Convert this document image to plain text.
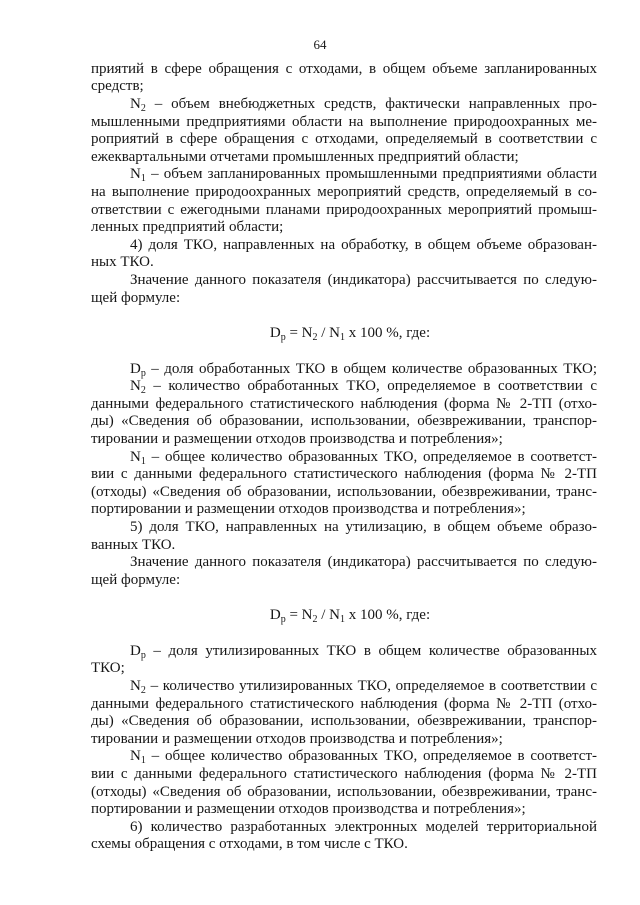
64

приятий в сфере обращения с отходами, в общем объеме запланированных

средств;

$N_2$ – объем внебюджетных средств, фактически направленных про-

мышленными предприятиями области на выполнение природоохранных ме-

роприятий в сфере обращения с отходами, определяемый в соответствии с

ежеквартальными отчетами промышленных предприятий области;

$N_1$ – объем запланированных промышленными предприятиями области

на выполнение природоохранных мероприятий средств, определяемый в со-

ответствии с ежегодными планами природоохранных мероприятий промыш-

ленных предприятий области;

4) доля ТКО, направленных на обработку, в общем объеме образован-

ных ТКО.

Значение данного показателя (индикатора) рассчитывается по следую-

щей формуле:

$D_p = N_2 / N_1$ x 100 %, где:

$D_p$ – доля обработанных ТКО в общем количестве образованных ТКО;

$N_2$ – количество обработанных ТКО, определяемое в соответствии с

данными федерального статистического наблюдения (форма № 2-ТП (отхо-

ды) «Сведения об образовании, использовании, обезвреживании, транспор-

тировании и размещении отходов производства и потребления»;

$N_1$ – общее количество образованных ТКО, определяемое в соответст-

вии с данными федерального статистического наблюдения (форма № 2-ТП

(отходы) «Сведения об образовании, использовании, обезвреживании, транс-

портировании и размещении отходов производства и потребления»;

5) доля ТКО, направленных на утилизацию, в общем объеме образо-

ванных ТКО.

Значение данного показателя (индикатора) рассчитывается по следую-

щей формуле:

$D_p = N_2 / N_1$ x 100 %, где:

$D_p$ – доля утилизированных ТКО в общем количестве образованных

ТКО;

$N_2$ – количество утилизированных ТКО, определяемое в соответствии с

данными федерального статистического наблюдения (форма № 2-ТП (отхо-

ды) «Сведения об образовании, использовании, обезвреживании, транспор-

тировании и размещении отходов производства и потребления»;

$N_1$ – общее количество образованных ТКО, определяемое в соответст-

вии с данными федерального статистического наблюдения (форма № 2-ТП

(отходы) «Сведения об образовании, использовании, обезвреживании, транс-

портировании и размещении отходов производства и потребления»;

6) количество разработанных электронных моделей территориальной

схемы обращения с отходами, в том числе с ТКО.
